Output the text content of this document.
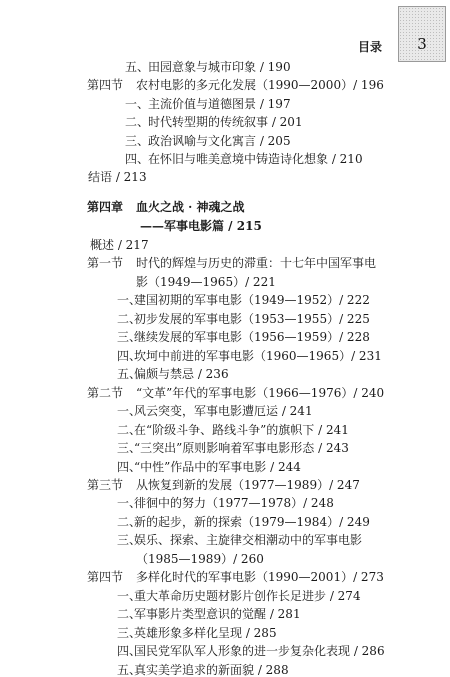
3
目录
五、
田园意象与城市印象 / 190
第四节 农村电影的多元化发展（1990—2000）/ 196
一、
主流价值与道德图景 / 197
二、
时代转型期的传统叙事 / 201
三、
政治讽喻与文化寓言 / 205
四、
在怀旧与唯美意境中铸造诗化想象 / 210
结语 / 213
第四章 血火之战 · 神魂之战
——军事电影篇 / 215
概述 / 217
第一节 时代的辉煌与历史的滞重：十七年中国军事电
影（1949—1965）/ 221
一、
建国初期的军事电影（1949—1952）/ 222
二、
初步发展的军事电影（1953—1955）/ 225
三、
继续发展的军事电影（1956—1959）/ 228
四、
坎坷中前进的军事电影（1960—1965）/ 231
五、
偏颇与禁忌 / 236
第二节 “文革”年代的军事电影（1966—1976）/ 240
一、
风云突变，军事电影遭厄运 / 241
二、
在“阶级斗争、路线斗争”的旗帜下 / 241
三、
“三突出”原则影响着军事电影形态 / 243
四、
“中性”作品中的军事电影 / 244
第三节 从恢复到新的发展（1977—1989）/ 247
一、
徘徊中的努力（1977—1978）/ 248
二、
新的起步，新的探索（1979—1984）/ 249
三、
娱乐、探索、主旋律交相潮动中的军事电影
（1985—1989）/ 260
第四节 多样化时代的军事电影（1990—2001）/ 273
一、
重大革命历史题材影片创作长足进步 / 274
二、
军事影片类型意识的觉醒 / 281
三、
英雄形象多样化呈现 / 285
四、
国民党军队军人形象的进一步复杂化表现 / 286
五、
真实美学追求的新面貌 / 288
